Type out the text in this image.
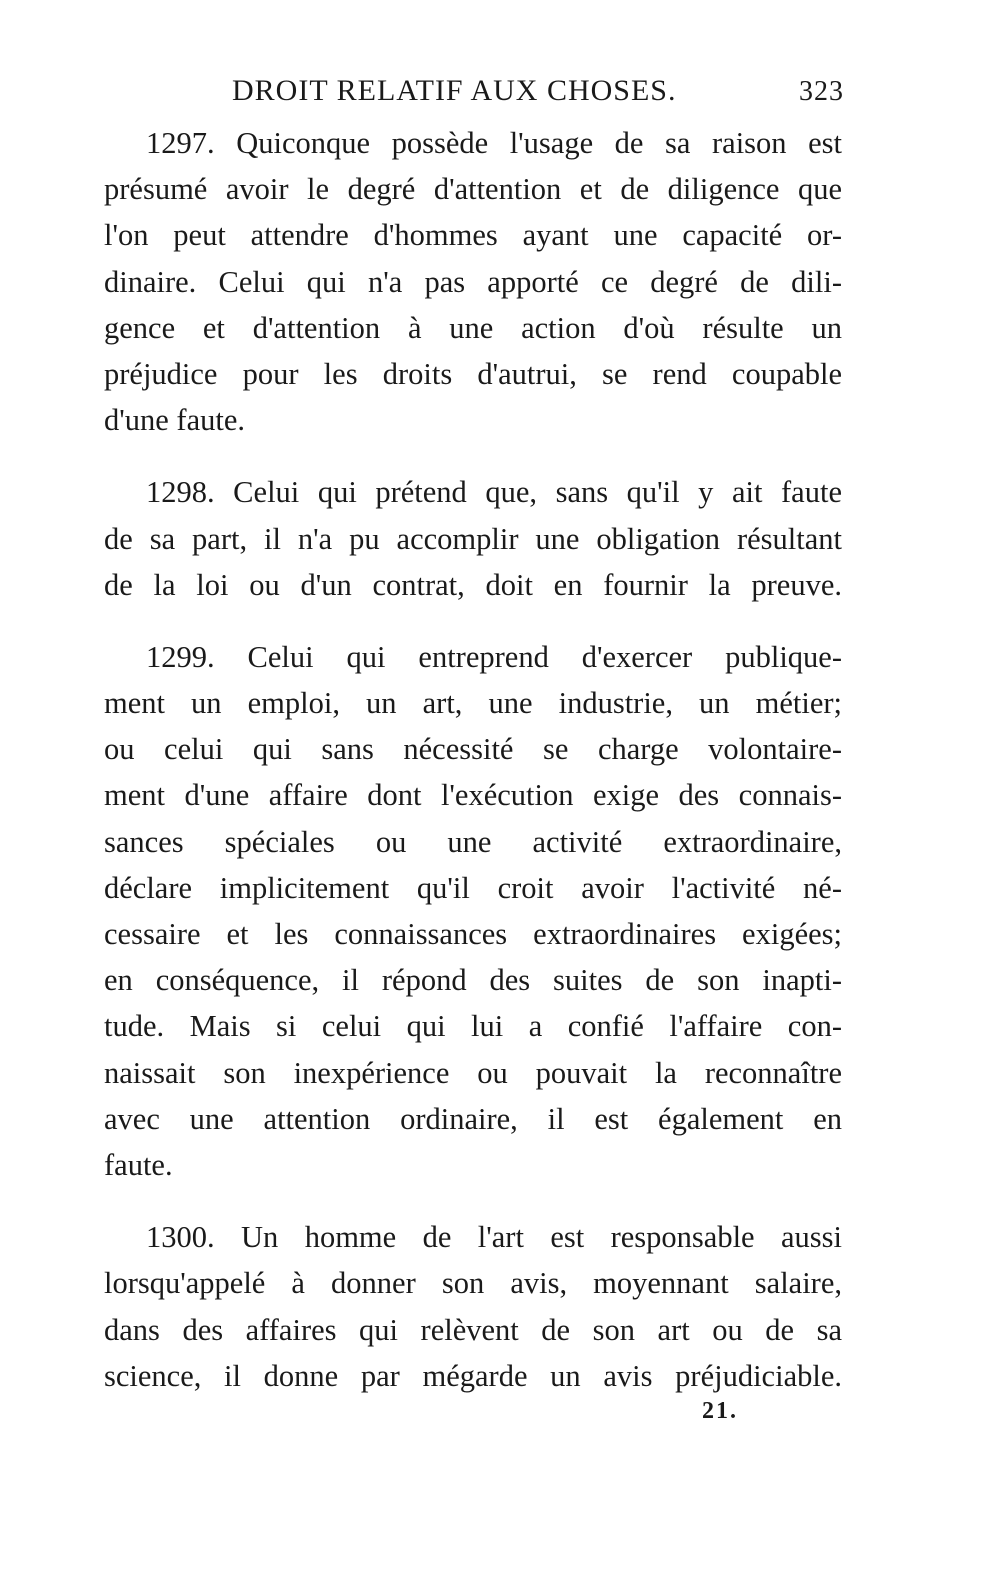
DROIT RELATIF AUX CHOSES.	323

1297. Quiconque possède l'usage de sa raison est
présumé avoir le degré d'attention et de diligence que
l'on peut attendre d'hommes ayant une capacité or-
dinaire. Celui qui n'a pas apporté ce degré de dili-
gence et d'attention à une action d'où résulte un
préjudice pour les droits d'autrui, se rend coupable
d'une faute.

1298. Celui qui prétend que, sans qu'il y ait faute
de sa part, il n'a pu accomplir une obligation résultant
de la loi ou d'un contrat, doit en fournir la preuve.

1299. Celui qui entreprend d'exercer publique-
ment un emploi, un art, une industrie, un métier;
ou celui qui sans nécessité se charge volontaire-
ment d'une affaire dont l'exécution exige des connais-
sances spéciales ou une activité extraordinaire,
déclare implicitement qu'il croit avoir l'activité né-
cessaire et les connaissances extraordinaires exigées;
en conséquence, il répond des suites de son inapti-
tude. Mais si celui qui lui a confié l'affaire con-
naissait son inexpérience ou pouvait la reconnaître
avec une attention ordinaire, il est également en
faute.

1300. Un homme de l'art est responsable aussi
lorsqu'appelé à donner son avis, moyennant salaire,
dans des affaires qui relèvent de son art ou de sa
science, il donne par mégarde un avis préjudiciable.

21.
